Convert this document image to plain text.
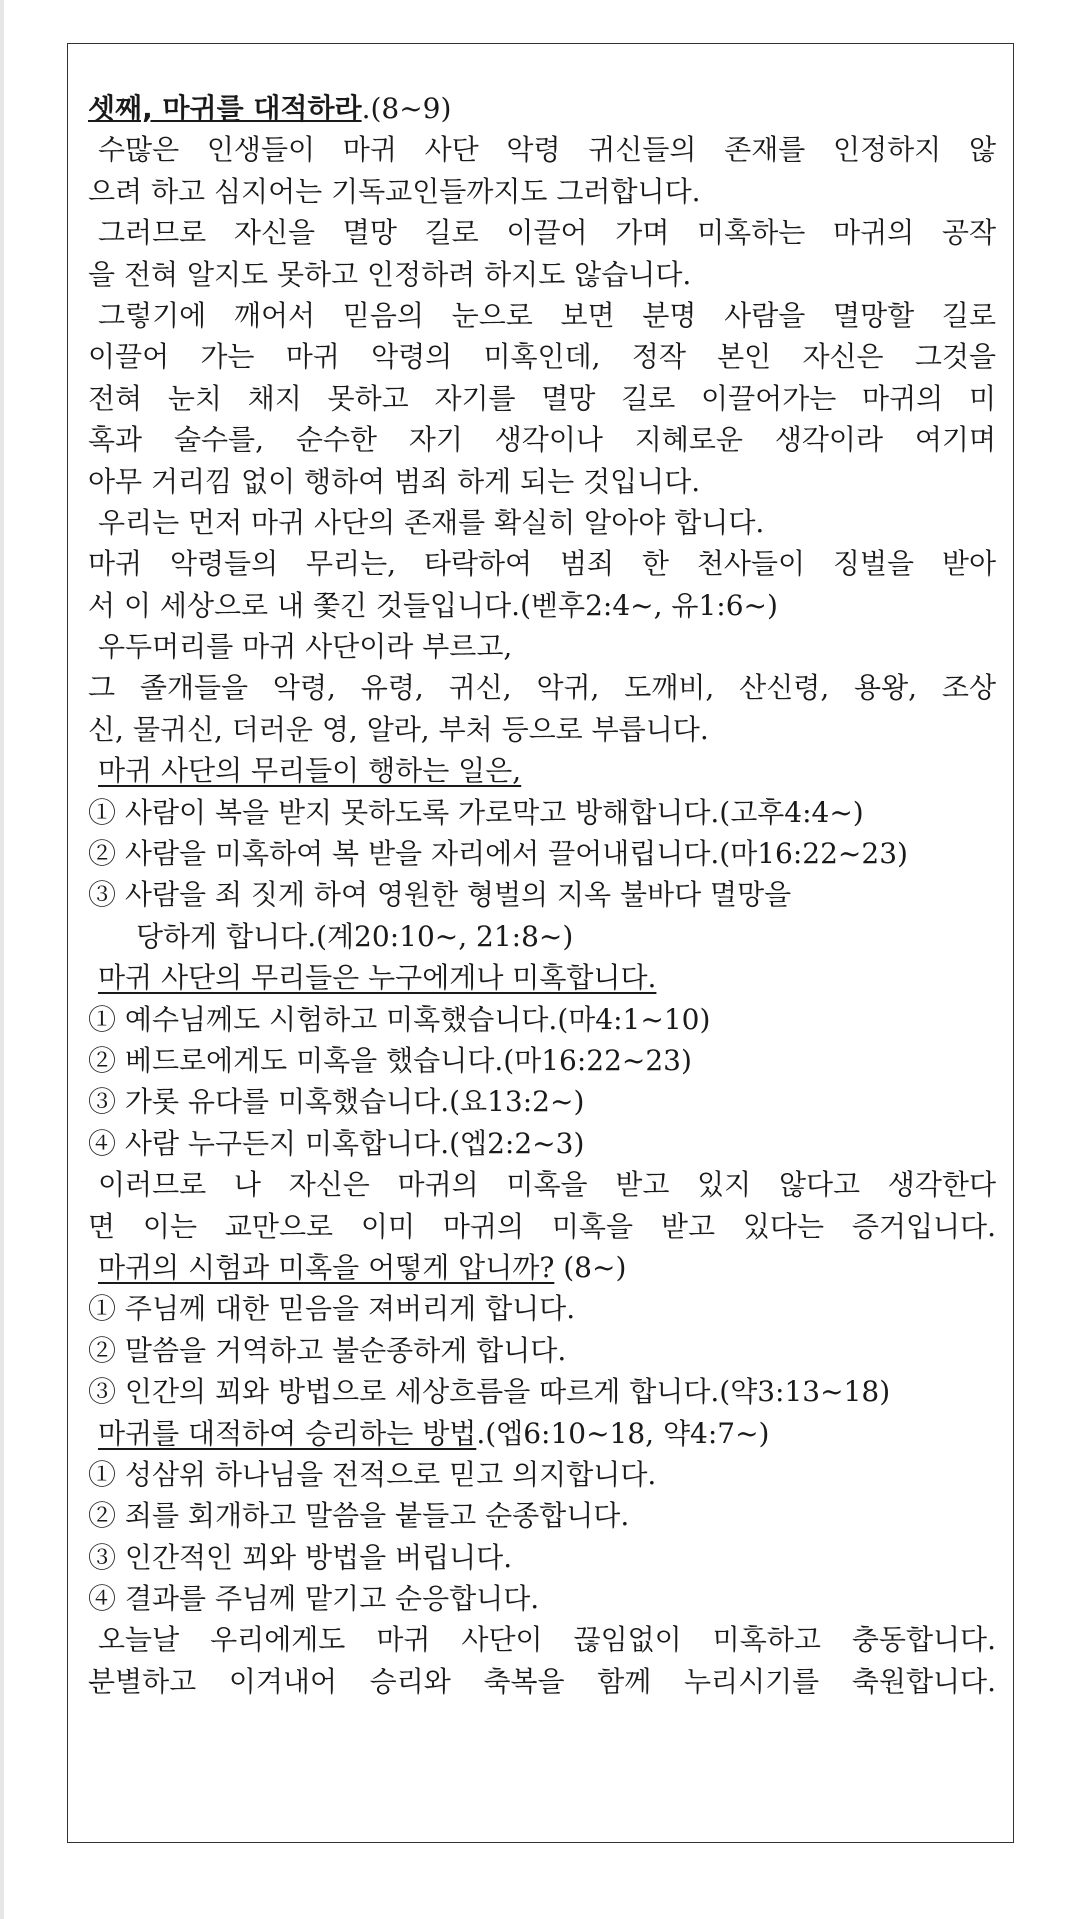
셋째, 마귀를 대적하라.(8~9)
수많은 인생들이 마귀 사단 악령 귀신들의 존재를 인정하지 않
으려 하고 심지어는 기독교인들까지도 그러합니다.
그러므로 자신을 멸망 길로 이끌어 가며 미혹하는 마귀의 공작
을 전혀 알지도 못하고 인정하려 하지도 않습니다.
그렇기에 깨어서 믿음의 눈으로 보면 분명 사람을 멸망할 길로
이끌어 가는 마귀 악령의 미혹인데, 정작 본인 자신은 그것을
전혀 눈치 채지 못하고 자기를 멸망 길로 이끌어가는 마귀의 미
혹과 술수를, 순수한 자기 생각이나 지혜로운 생각이라 여기며
아무 거리낌 없이 행하여 범죄 하게 되는 것입니다.
우리는 먼저 마귀 사단의 존재를 확실히 알아야 합니다.
마귀 악령들의 무리는, 타락하여 범죄 한 천사들이 징벌을 받아
서 이 세상으로 내 쫓긴 것들입니다.(벧후2:4~, 유1:6~)
우두머리를 마귀 사단이라 부르고,
그 졸개들을 악령, 유령, 귀신, 악귀, 도깨비, 산신령, 용왕, 조상
신, 물귀신, 더러운 영, 알라, 부처 등으로 부릅니다.
마귀 사단의 무리들이 행하는 일은,
① 사람이 복을 받지 못하도록 가로막고 방해합니다.(고후4:4~)
② 사람을 미혹하여 복 받을 자리에서 끌어내립니다.(마16:22~23)
③ 사람을 죄 짓게 하여 영원한 형벌의 지옥 불바다 멸망을
당하게 합니다.(계20:10~, 21:8~)
마귀 사단의 무리들은 누구에게나 미혹합니다.
① 예수님께도 시험하고 미혹했습니다.(마4:1~10)
② 베드로에게도 미혹을 했습니다.(마16:22~23)
③ 가롯 유다를 미혹했습니다.(요13:2~)
④ 사람 누구든지 미혹합니다.(엡2:2~3)
이러므로 나 자신은 마귀의 미혹을 받고 있지 않다고 생각한다
면 이는 교만으로 이미 마귀의 미혹을 받고 있다는 증거입니다.
마귀의 시험과 미혹을 어떻게 압니까? (8~)
① 주님께 대한 믿음을 져버리게 합니다.
② 말씀을 거역하고 불순종하게 합니다.
③ 인간의 꾀와 방법으로 세상흐름을 따르게 합니다.(약3:13~18)
마귀를 대적하여 승리하는 방법.(엡6:10~18, 약4:7~)
① 성삼위 하나님을 전적으로 믿고 의지합니다.
② 죄를 회개하고 말씀을 붙들고 순종합니다.
③ 인간적인 꾀와 방법을 버립니다.
④ 결과를 주님께 맡기고 순응합니다.
오늘날 우리에게도 마귀 사단이 끊임없이 미혹하고 충동합니다.
분별하고 이겨내어 승리와 축복을 함께 누리시기를 축원합니다.
